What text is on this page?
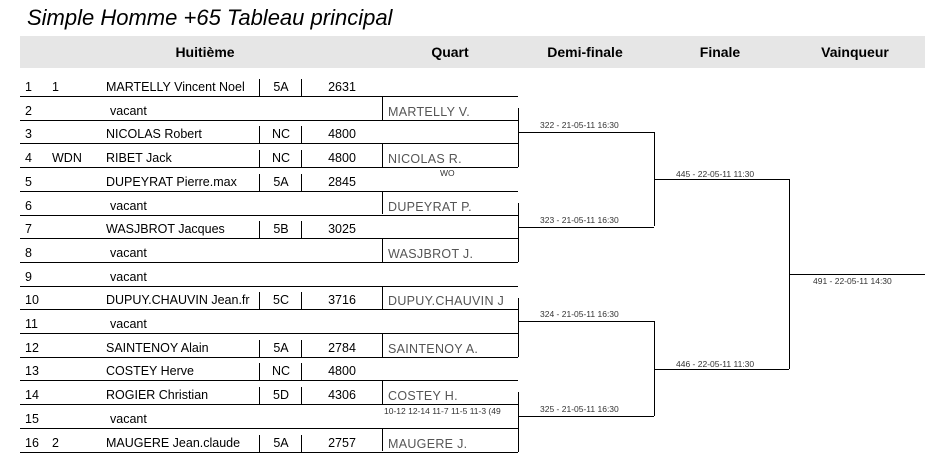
Simple Homme +65 Tableau principal
Huitième	Quart	Demi-finale	Finale	Vainqueur
1 1	MARTELLY Vincent Noel	5A	2631
2	vacant
3	NICOLAS Robert	NC	4800
4 WDN RIBET Jack	NC	4800
5	DUPEYRAT Pierre.max	5A	2845
6	vacant
7	WASJBROT Jacques	5B	3025
8	vacant
9	vacant
10	DUPUY.CHAUVIN Jean.fr	5C	3716
11	vacant
12	SAINTENOY Alain	5A	2784
13	COSTEY Herve	NC	4800
14	ROGIER Christian	5D	4306
15	vacant
16 2	MAUGERE Jean.claude	5A	2757
MARTELLY V.
NICOLAS R.
WO
DUPEYRAT P.
WASJBROT J.
DUPUY.CHAUVIN J
SAINTENOY A.
COSTEY H.
10-12 12-14 11-7 11-5 11-3 (49
MAUGERE J.
322 - 21-05-11 16:30
323 - 21-05-11 16:30
324 - 21-05-11 16:30
325 - 21-05-11 16:30
445 - 22-05-11 11:30
446 - 22-05-11 11:30
491 - 22-05-11 14:30
